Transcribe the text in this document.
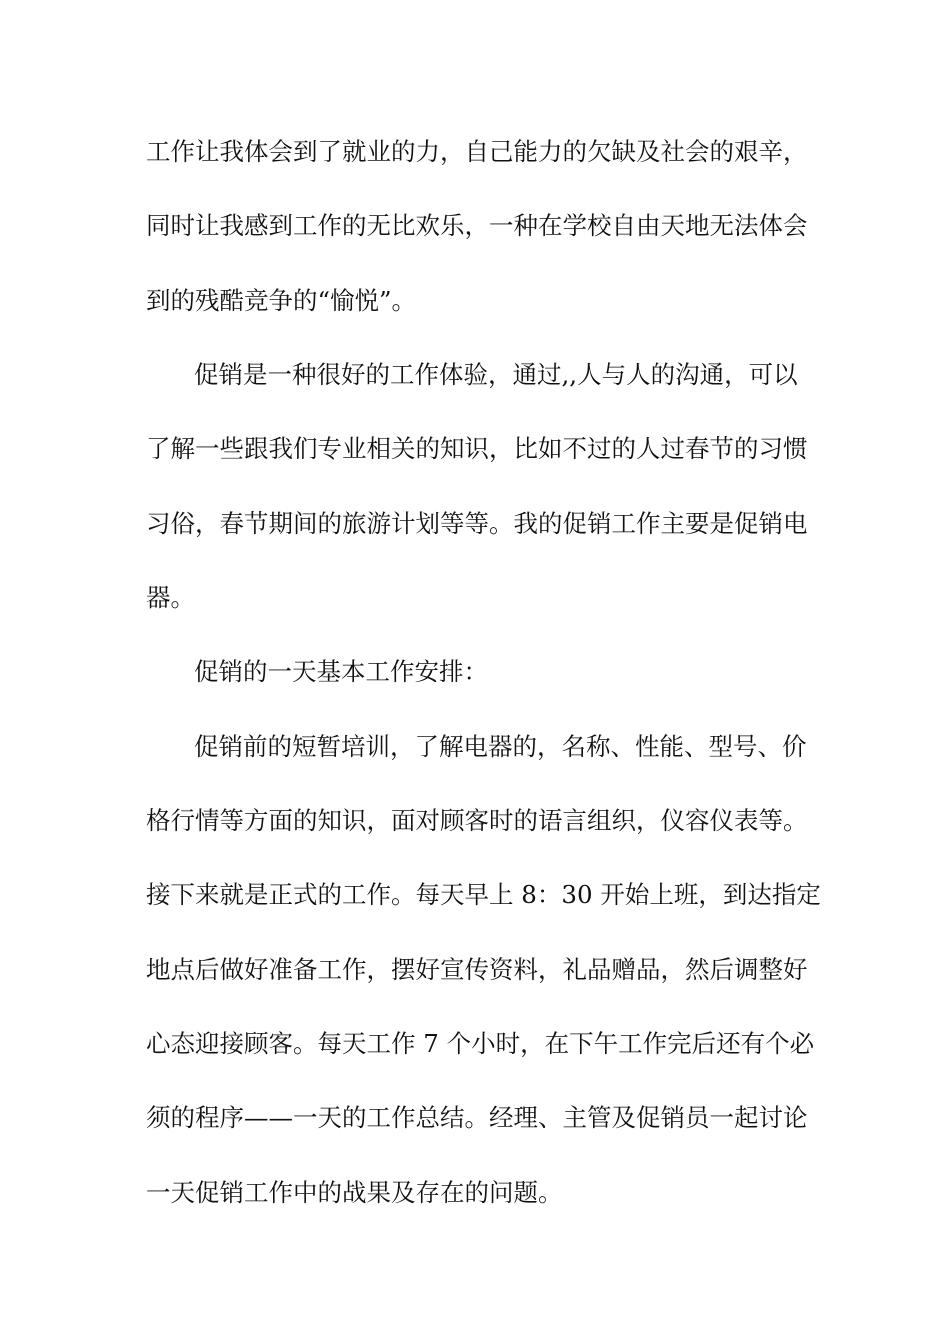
工作让我体会到了就业的力，自己能力的欠缺及社会的艰辛，
同时让我感到工作的无比欢乐，一种在学校自由天地无法体会
到的残酷竞争的“愉悦”。
促销是一种很好的工作体验，通过,,人与人的沟通，可以
了解一些跟我们专业相关的知识，比如不过的人过春节的习惯
习俗，春节期间的旅游计划等等。我的促销工作主要是促销电
器。
促销的一天基本工作安排：
促销前的短暂培训，了解电器的，名称、性能、型号、价
格行情等方面的知识，面对顾客时的语言组织，仪容仪表等。
接下来就是正式的工作。每天早上 8：30 开始上班，到达指定
地点后做好准备工作，摆好宣传资料，礼品赠品，然后调整好
心态迎接顾客。每天工作 7 个小时，在下午工作完后还有个必
须的程序——一天的工作总结。经理、主管及促销员一起讨论
一天促销工作中的战果及存在的问题。
